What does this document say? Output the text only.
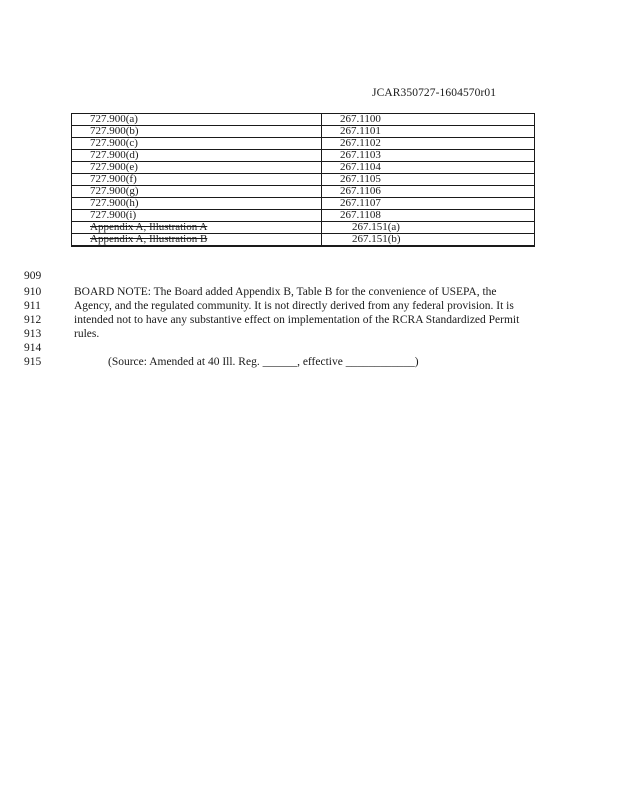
JCAR350727-1604570r01
727.900(a)	267.1100
727.900(b)	267.1101
727.900(c)	267.1102
727.900(d)	267.1103
727.900(e)	267.1104
727.900(f)	267.1105
727.900(g)	267.1106
727.900(h)	267.1107
727.900(i)	267.1108
Appendix A, Illustration A	267.151(a)
Appendix A, Illustration B	267.151(b)
909
910	BOARD NOTE: The Board added Appendix B, Table B for the convenience of USEPA, the
911	Agency, and the regulated community. It is not directly derived from any federal provision. It is
912	intended not to have any substantive effect on implementation of the RCRA Standardized Permit
913	rules.
914
915	(Source: Amended at 40 Ill. Reg. ______, effective ____________)
